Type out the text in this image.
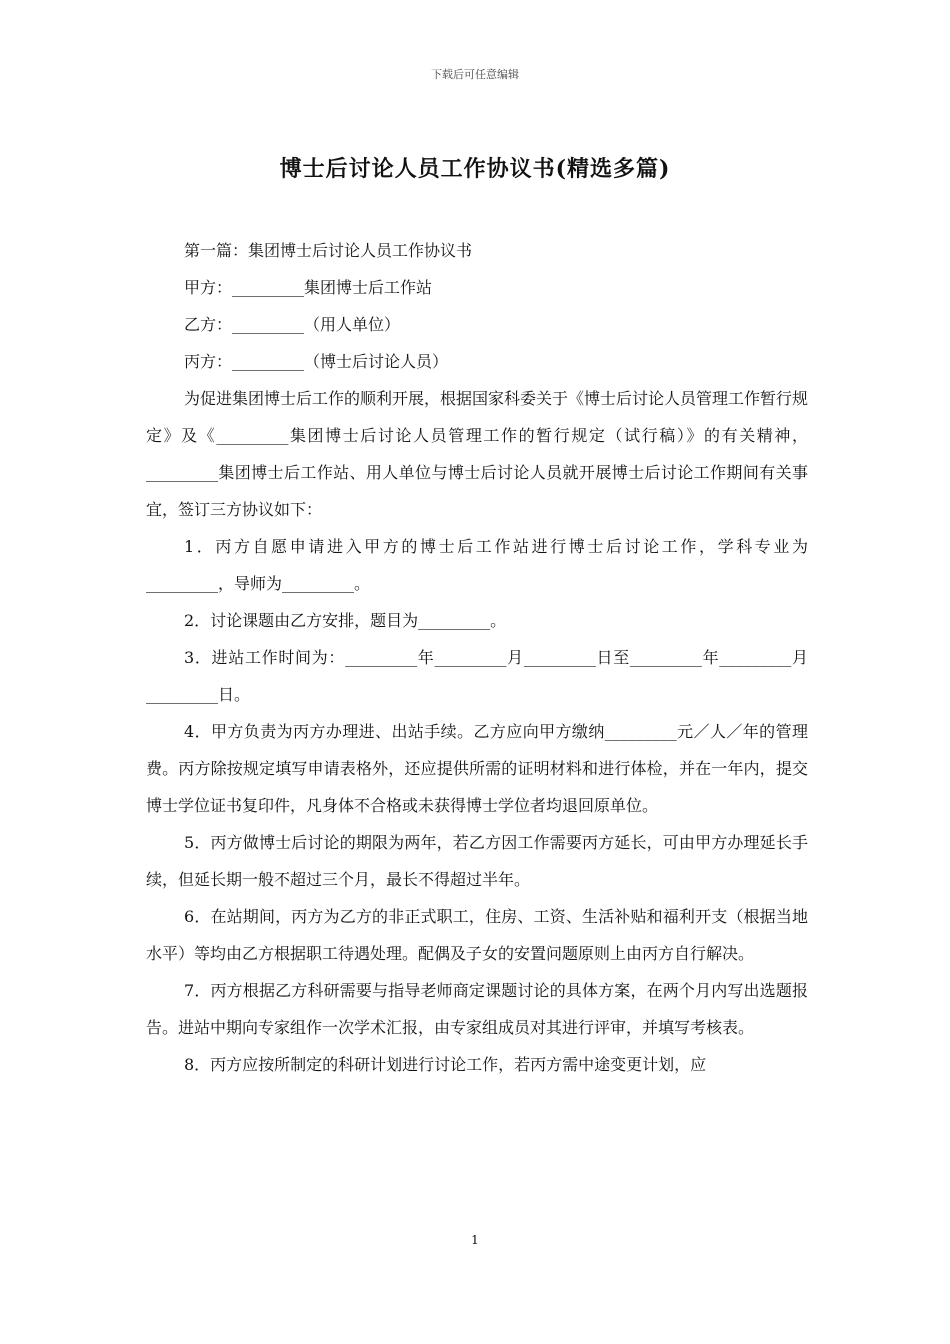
下载后可任意编辑
博士后讨论人员工作协议书(精选多篇)

第一篇：集团博士后讨论人员工作协议书

甲方：_________集团博士后工作站

乙方：_________（用人单位）

丙方：_________（博士后讨论人员）

为促进集团博士后工作的顺利开展，根据国家科委关于《博士后讨论人员管理工作暂行规定》及《_________集团博士后讨论人员管理工作的暂行规定（试行稿）》的有关精神，_________集团博士后工作站、用人单位与博士后讨论人员就开展博士后讨论工作期间有关事宜，签订三方协议如下：

1．丙方自愿申请进入甲方的博士后工作站进行博士后讨论工作，学科专业为_________，导师为_________。

2．讨论课题由乙方安排，题目为_________。

3．进站工作时间为：_________年_________月_________日至_________年_________月_________日。

4．甲方负责为丙方办理进、出站手续。乙方应向甲方缴纳_________元／人／年的管理费。丙方除按规定填写申请表格外，还应提供所需的证明材料和进行体检，并在一年内，提交博士学位证书复印件，凡身体不合格或未获得博士学位者均退回原单位。

5．丙方做博士后讨论的期限为两年，若乙方因工作需要丙方延长，可由甲方办理延长手续，但延长期一般不超过三个月，最长不得超过半年。

6．在站期间，丙方为乙方的非正式职工，住房、工资、生活补贴和福利开支（根据当地水平）等均由乙方根据职工待遇处理。配偶及子女的安置问题原则上由丙方自行解决。

7．丙方根据乙方科研需要与指导老师商定课题讨论的具体方案，在两个月内写出选题报告。进站中期向专家组作一次学术汇报，由专家组成员对其进行评审，并填写考核表。

8．丙方应按所制定的科研计划进行讨论工作，若丙方需中途变更计划，应

1
